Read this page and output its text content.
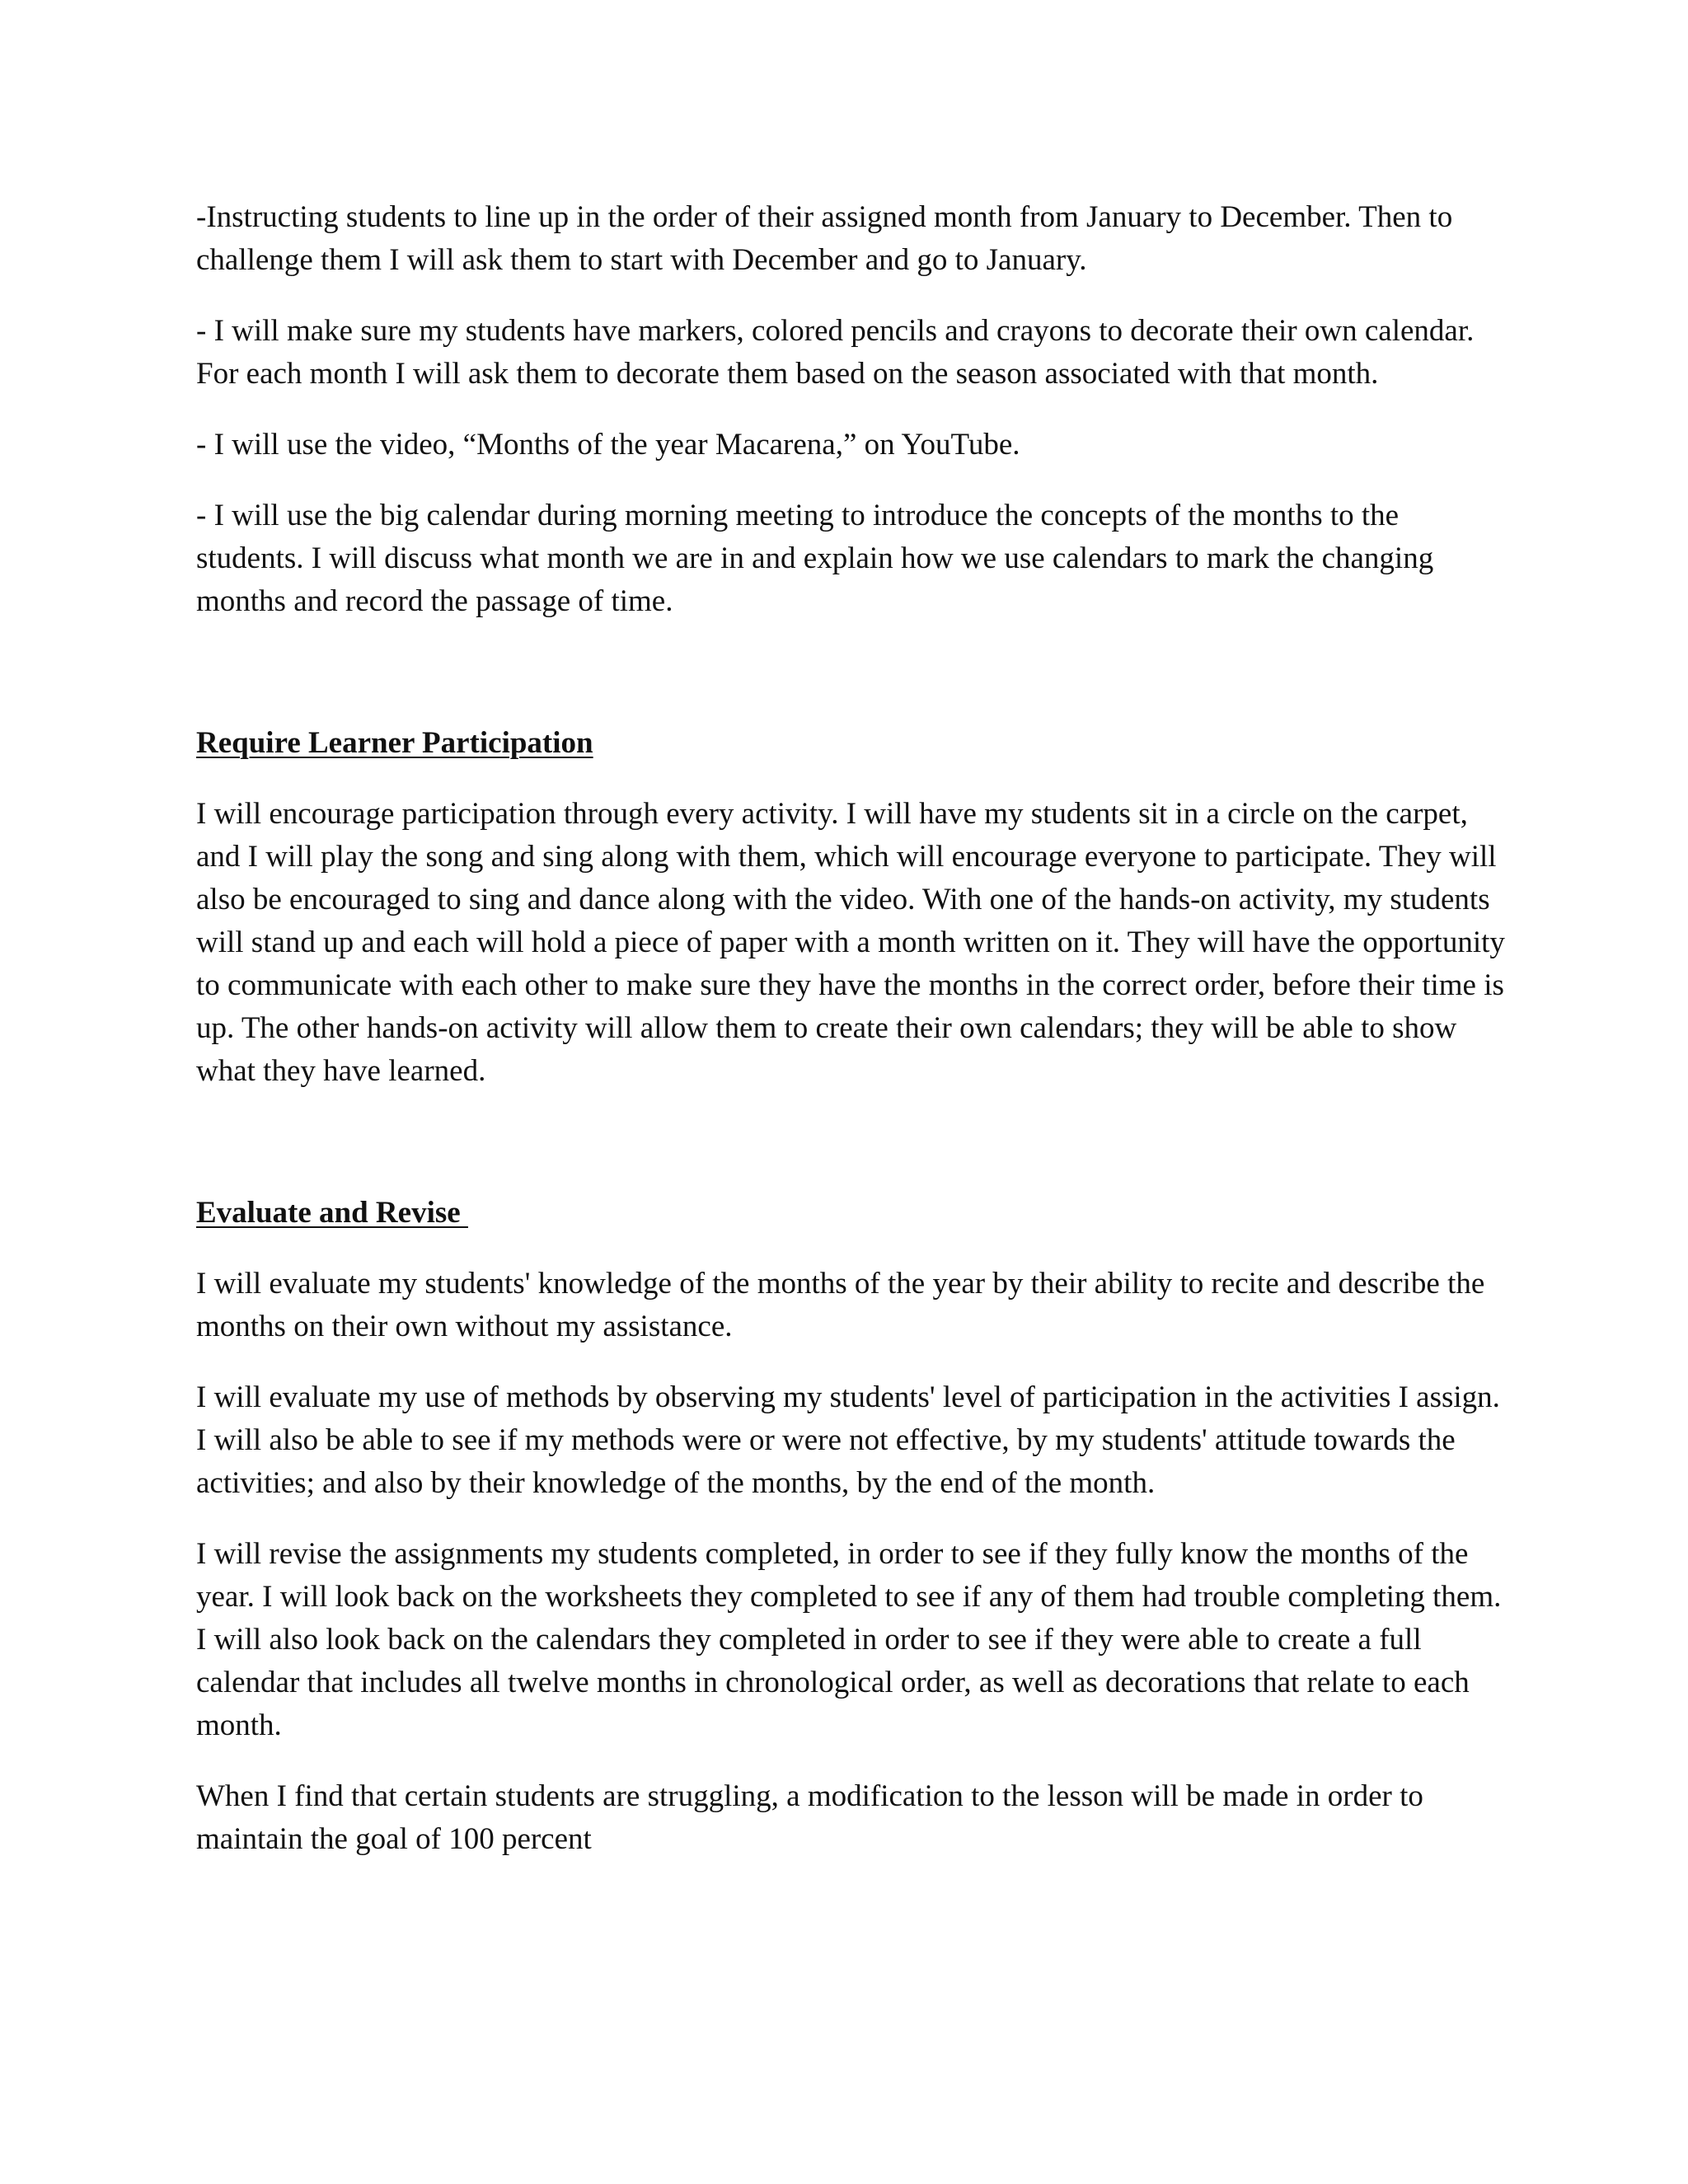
-Instructing students to line up in the order of their assigned month from January to December. Then to challenge them I will ask them to start with December and go to January.

- I will make sure my students have markers, colored pencils and crayons to decorate their own calendar. For each month I will ask them to decorate them based on the season associated with that month.

- I will use the video, “Months of the year Macarena,” on YouTube.

- I will use the big calendar during morning meeting to introduce the concepts of the months to the students. I will discuss what month we are in and explain how we use calendars to mark the changing months and record the passage of time.

Require Learner Participation

I will encourage participation through every activity. I will have my students sit in a circle on the carpet, and I will play the song and sing along with them, which will encourage everyone to participate. They will also be encouraged to sing and dance along with the video. With one of the hands-on activity, my students will stand up and each will hold a piece of paper with a month written on it. They will have the opportunity to communicate with each other to make sure they have the months in the correct order, before their time is up. The other hands-on activity will allow them to create their own calendars; they will be able to show what they have learned.

Evaluate and Revise

I will evaluate my students' knowledge of the months of the year by their ability to recite and describe the months on their own without my assistance.

I will evaluate my use of methods by observing my students' level of participation in the activities I assign. I will also be able to see if my methods were or were not effective, by my students' attitude towards the activities; and also by their knowledge of the months, by the end of the month.

I will revise the assignments my students completed, in order to see if they fully know the months of the year. I will look back on the worksheets they completed to see if any of them had trouble completing them. I will also look back on the calendars they completed in order to see if they were able to create a full calendar that includes all twelve months in chronological order, as well as decorations that relate to each month.

When I find that certain students are struggling, a modification to the lesson will be made in order to maintain the goal of 100 percent
